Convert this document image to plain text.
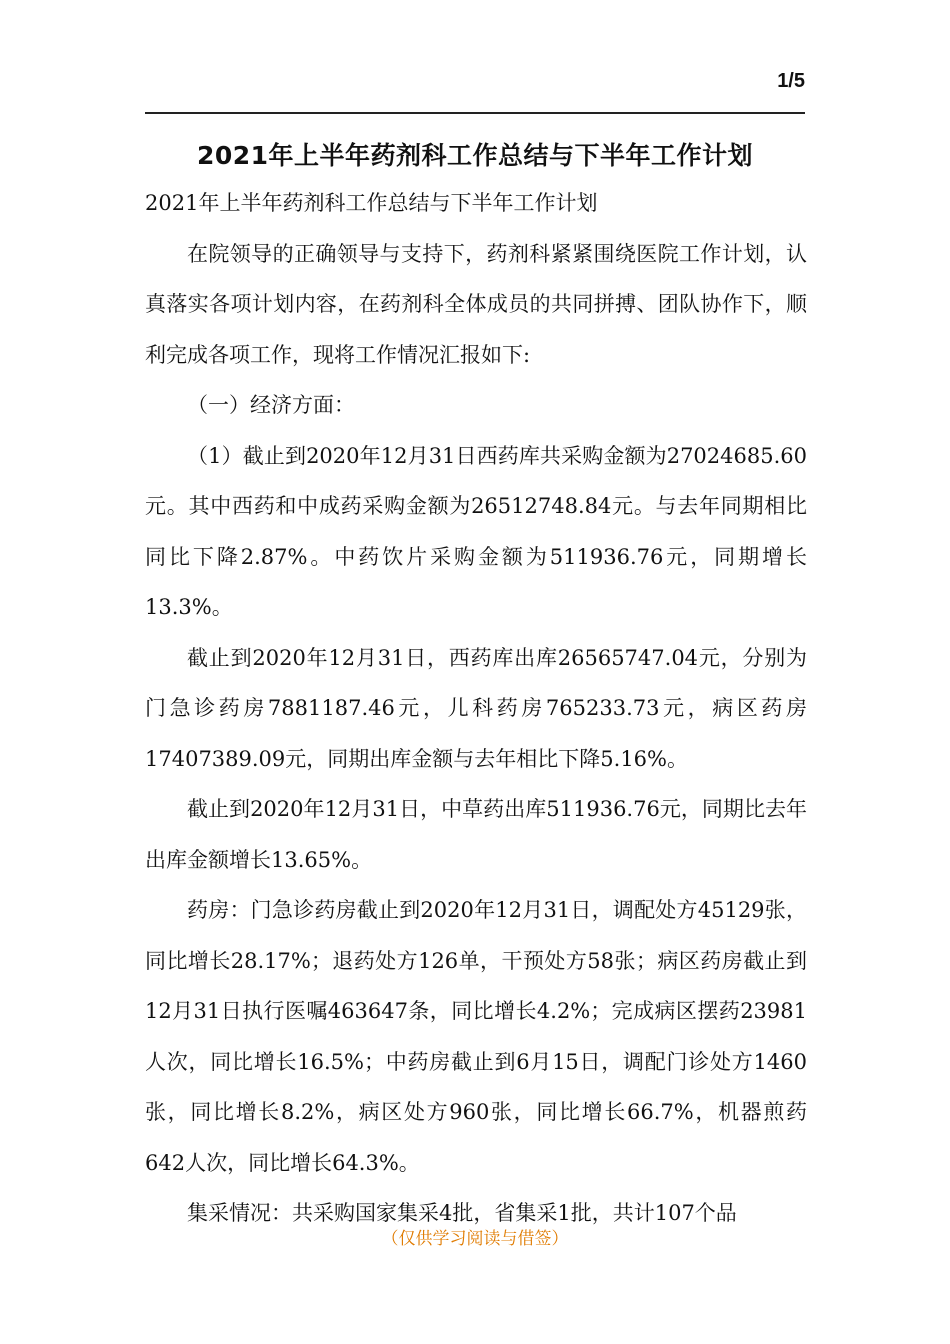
1/5
2021年上半年药剂科工作总结与下半年工作计划

2021年上半年药剂科工作总结与下半年工作计划

在院领导的正确领导与支持下，药剂科紧紧围绕医院工作计划，认真落实各项计划内容，在药剂科全体成员的共同拼搏、团队协作下，顺利完成各项工作，现将工作情况汇报如下:

（一）经济方面：

（1）截止到2020年12月31日西药库共采购金额为27024685.60元。其中西药和中成药采购金额为26512748.84元。与去年同期相比同比下降2.87%。中药饮片采购金额为511936.76元，同期增长13.3%。

截止到2020年12月31日，西药库出库26565747.04元，分别为门急诊药房7881187.46元，儿科药房765233.73元，病区药房17407389.09元，同期出库金额与去年相比下降5.16%。

截止到2020年12月31日，中草药出库511936.76元，同期比去年出库金额增长13.65%。

药房：门急诊药房截止到2020年12月31日，调配处方45129张，同比增长28.17%；退药处方126单，干预处方58张；病区药房截止到12月31日执行医嘱463647条，同比增长4.2%；完成病区摆药23981人次，同比增长16.5%；中药房截止到6月15日，调配门诊处方1460张，同比增长8.2%，病区处方960张，同比增长66.7%，机器煎药642人次，同比增长64.3%。

集采情况：共采购国家集采4批，省集采1批，共计107个品

（仅供学习阅读与借签）
